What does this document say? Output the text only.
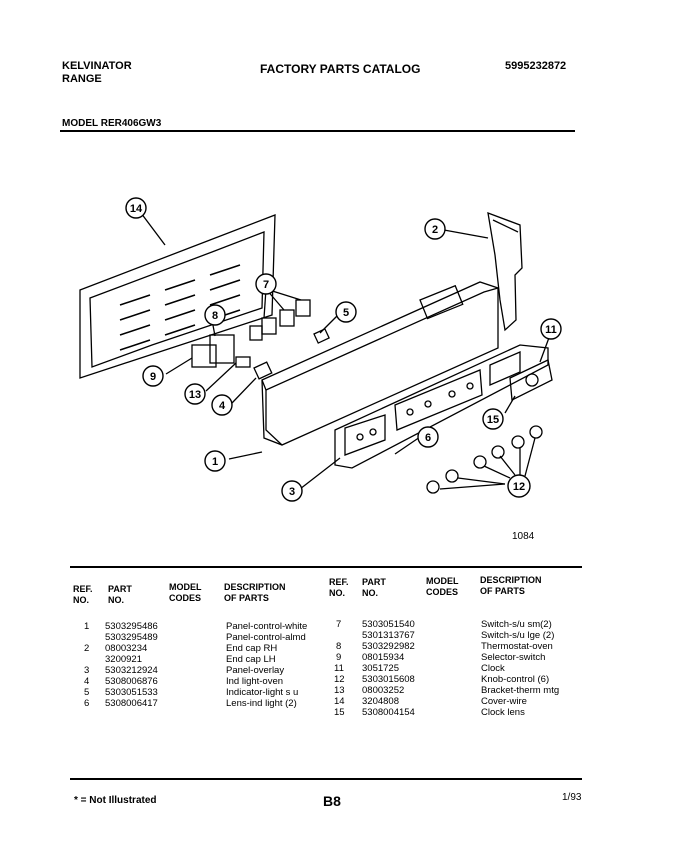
KELVINATOR
RANGE
FACTORY PARTS CATALOG	5995232872
MODEL RER406GW3
14
2
11
8
7
5
9
13
4
1
3
6
15
12
1084
REF. NO.
PART NO.
MODEL CODES
DESCRIPTION OF PARTS
REF. NO.
PART NO.
MODEL CODES
DESCRIPTION OF PARTS
1 5303295486	Panel-control-white
5303295489	Panel-control-almd
2 08003234	End cap RH
3200921	End cap LH
3 5303212924	Panel-overlay
4 5308006876	Ind light-oven
5 5303051533	Indicator-light s u
6 5308006417	Lens-ind light (2)
7 5303051540	Switch-s/u sm(2)
5301313767	Switch-s/u lge (2)
8 5303292982	Thermostat-oven
9 08015934	Selector-switch
11 3051725	Clock
12 5303015608	Knob-control (6)
13 08003252	Bracket-therm mtg
14 3204808	Cover-wire
15 5308004154	Clock lens
* = Not Illustrated	B8	1/93
